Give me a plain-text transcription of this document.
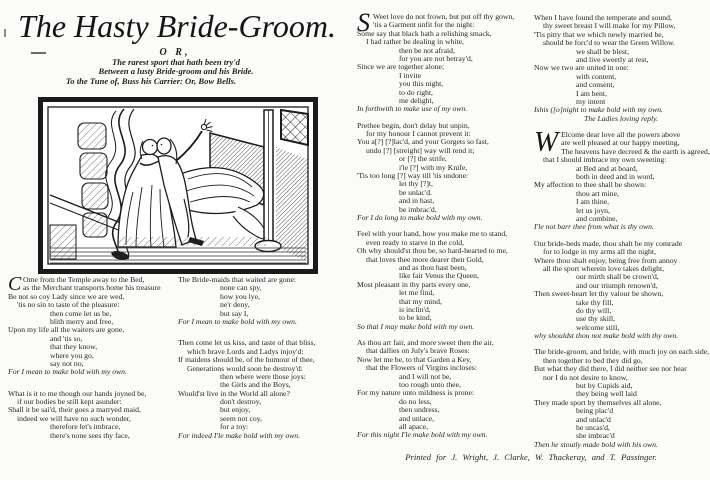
The Hasty Bride-Groom.
O R,
The rarest sport that hath been try'd
Between a lusty Bride-groom and his Bride.
To the Tune of, Buss his Carrier: Or, Bow Bells.
C Ome from the Temple away to the Bed,
as the Merchant transports home his treasure
Be not so coy Lady since we are wed,
'tis no sin to taste of the pleasure:
then come let us be,
blith merry and free,
Upon my life all the waiters are gone,
and 'tis so,
that they know,
where you go,
say not no,
For I mean to make bold with my own.
What is it to me though our hands joyned be,
if our bodies be still kept asunder:
Shall it be sai'd, their goes a marryed maid,
indeed we will have no such wonder,
therefore let's imbrace,
there's none sees thy face,
The Bride-maids that waited are gone:
none can spy,
how you lye,
ne'r deny,
but say I,
For I mean to make bold with my own.
Then come let us kiss, and taste of that bliss,
which brave Lords and Ladys injoy'd:
If maidens should be, of the humour of thee,
Generations would soon be destroy'd:
then where were those joys:
the Girls and the Boys,
Would'st live in the World all alone?
don't destroy,
but enjoy,
seem not coy,
for a toy:
For indeed I'le make bold with my own.
S Weet love do not frown, but put off thy gown,
'tis a Garment unfit for the night:
Some say that black hath a relishing smack,
I had rather be dealing in white,
then be not afraid,
for you are not betray'd,
Since we are together alone;
I invite
you this night,
to do right,
me delight,
In forthwith to make use of my own.
Prethee begin, don't delay but unpin,
for my honour I cannot prevent it:
You a[?] [?]lac'd, and your Gorgets so fast,
undo [?] [streight] way will rend it;
or [?] the strife,
i'le [?] with my Knife,
'Tis too long [?] way till 'tis undone:
let thy [?]t,
be unlac'd.
and in hast,
be imbrac'd,
For I do long to make bold with my own.
Feel with your hand, how you make me to stand,
even ready to starve in the cold,
Oh why should'st thou be, so hard-hearted to me,
that loves thee more dearer then Gold,
and as thou hast been,
like fair Venus the Queen,
Most pleasant in thy parts every one,
let me find,
that my mind,
is inclin'd,
to be kind,
So that I may make bold with my own.
As thou art fair, and more sweet then the air,
that dallies on July's brave Roses:
Now let me be, to that Garden a Key,
that the Flowers of Virgins incloses:
and I will not be,
too rough unto thee,
For my nature unto mildness is prone:
do no less,
then undress,
and unlace,
all apace,
For this night I'le make bold with my own.
When I have found the temperate and sound,
thy sweet breast I will make for my Pillow,
'Tis pitty that we which newly married be,
should be forc'd to wear the Green Willow.
we shall be blest,
and live sweetly at rest,
Now we two are united in one:
with content,
and consent,
I am bent,
my intent
Ishis ([o]night to make bold with my own.
The Ladies loving reply.
W Elcome dear love all the powers above
are well pleased at our happy meeting,
The heavens have decreed & the earth is agreed,
that I should imbrace my own sweeting:
at Bed and at board,
both in deed and in word,
My affection to thee shall be shown:
thou art mine,
I am thine,
let us joyn,
and combine,
I'le not barr thee from what is thy own.
Our bride-beds made, thou shalt be my comrade
for to lodge in my arms all the night,
Where thou shalt enjoy, being free from annoy
all the sport wherein love takes delight,
our mirth shall be crown'd,
and our triumph renown'd,
Then sweet-heart let thy valour be shown,
take thy fill,
do thy will,
use thy skill,
welcome still,
why shouldst thou not make bold with thy own.
The bride-groom, and bride, with much joy on each side,
then together to bed they did go,
But what they did there, I did neither see nor hear
nor I do not desire to know,
but by Cupids aid,
they being well laid
They made sport by themselves all alone,
being plac'd
and unlac'd
he uncas'd,
she imbrac'd
Then he stoutly made bold with his own.
Printed for J. Wright, J. Clarke, W. Thackeray, and T. Passinger.
